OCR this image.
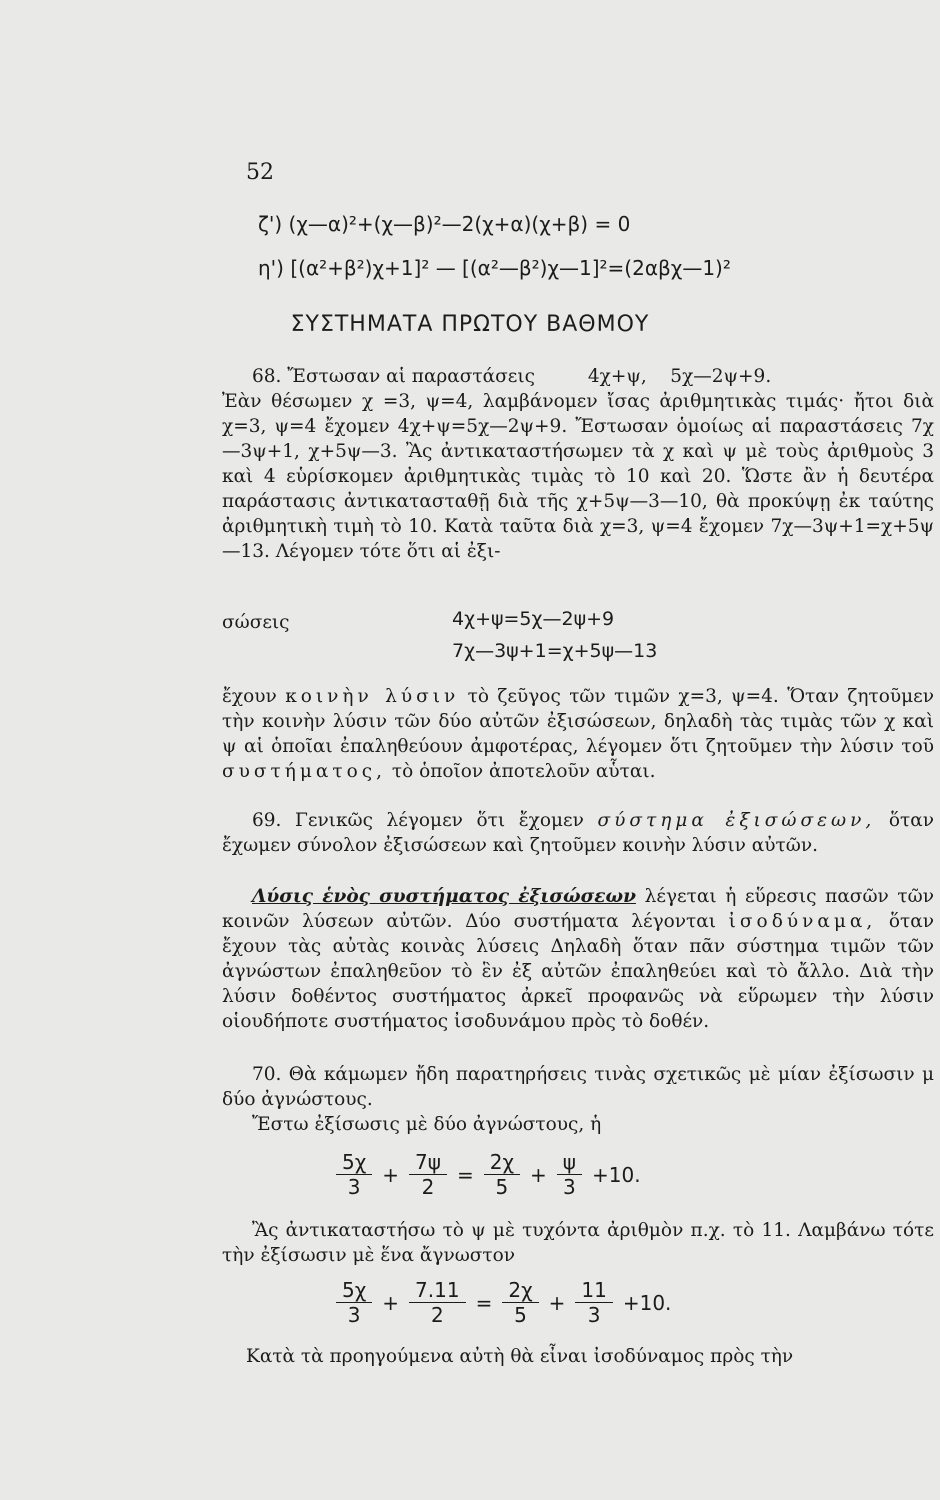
52
ζ') (χ—α)²+(χ—β)²—2(χ+α)(χ+β) = 0
η') [(α²+β²)χ+1]² — [(α²—β²)χ—1]²=(2αβχ—1)²
ΣΥΣΤΗΜΑΤΑ ΠΡΩΤΟΥ ΒΑΘΜΟΥ

68. Ἔστωσαν αἱ παραστάσεις         4χ+ψ,    5χ—2ψ+9.

Ἐὰν θέσωμεν χ =3, ψ=4, λαμβάνομεν ἴσας ἀριθμητικὰς τιμάς· ἤτοι διὰ χ=3, ψ=4 ἔχομεν 4χ+ψ=5χ—2ψ+9. Ἔστωσαν ὁμοίως αἱ παραστάσεις 7χ—3ψ+1, χ+5ψ—3. Ἂς ἀντικαταστήσωμεν τὰ χ καὶ ψ μὲ τοὺς ἀριθμοὺς 3 καὶ 4 εὑρίσκομεν ἀριθμητικὰς τιμὰς τὸ 10 καὶ 20. Ὥστε ἂν ἡ δευτέρα παράστασις ἀντικατασταθῇ διὰ τῆς χ+5ψ—3—10, θὰ προκύψῃ ἐκ ταύτης ἀριθμητικὴ τιμὴ τὸ 10. Κατὰ ταῦτα διὰ χ=3, ψ=4 ἔχομεν 7χ—3ψ+1=χ+5ψ—13. Λέγομεν τότε ὅτι αἱ ἐξι-

σώσεις	4χ+ψ=5χ—2ψ+9
7χ—3ψ+1=χ+5ψ—13

ἔχουν κοινὴν λύσιν τὸ ζεῦγος τῶν τιμῶν χ=3, ψ=4. Ὅταν ζητοῦμεν τὴν κοινὴν λύσιν τῶν δύο αὐτῶν ἐξισώσεων, δηλαδὴ τὰς τιμὰς τῶν χ καὶ ψ αἱ ὁποῖαι ἐπαληθεύουν ἀμφοτέρας, λέγομεν ὅτι ζητοῦμεν τὴν λύσιν τοῦ συστήματος, τὸ ὁποῖον ἀποτελοῦν αὗται.

69. Γενικῶς λέγομεν ὅτι ἔχομεν σύστημα ἐξισώσεων, ὅταν ἔχωμεν σύνολον ἐξισώσεων καὶ ζητοῦμεν κοινὴν λύσιν αὐτῶν.

Λύσις ἑνὸς συστήματος ἐξισώσεων λέγεται ἡ εὕρεσις πασῶν τῶν κοινῶν λύσεων αὐτῶν. Δύο συστήματα λέγονται ἰσοδύναμα, ὅταν ἔχουν τὰς αὐτὰς κοινὰς λύσεις Δηλαδὴ ὅταν πᾶν σύστημα τιμῶν τῶν ἀγνώστων ἐπαληθεῦον τὸ ἓν ἐξ αὐτῶν ἐπαληθεύει καὶ τὸ ἄλλο. Διὰ τὴν λύσιν δοθέντος συστήματος ἀρκεῖ προφανῶς νὰ εὕρωμεν τὴν λύσιν οἱουδήποτε συστήματος ἰσοδυνάμου πρὸς τὸ δοθέν.

70. Θὰ κάμωμεν ἤδη παρατηρήσεις τινὰς σχετικῶς μὲ μίαν ἐξίσωσιν μ δύο ἀγνώστους.

Ἔστω ἐξίσωσις μὲ δύο ἀγνώστους, ἡ

$\frac{5\chi}{3} + \frac{7\psi}{2} = \frac{2\chi}{5} + \frac{\psi}{3} +10$.

Ἂς ἀντικαταστήσω τὸ ψ μὲ τυχόντα ἀριθμὸν π.χ. τὸ 11. Λαμβάνω τότε τὴν ἐξίσωσιν μὲ ἕνα ἄγνωστον

$\frac{5\chi}{3} + \frac{7.11}{2} = \frac{2\chi}{5} + \frac{11}{3} +10$.
Κατὰ τὰ προηγούμενα αὐτὴ θὰ εἶναι ἰσοδύναμος πρὸς τὴν
